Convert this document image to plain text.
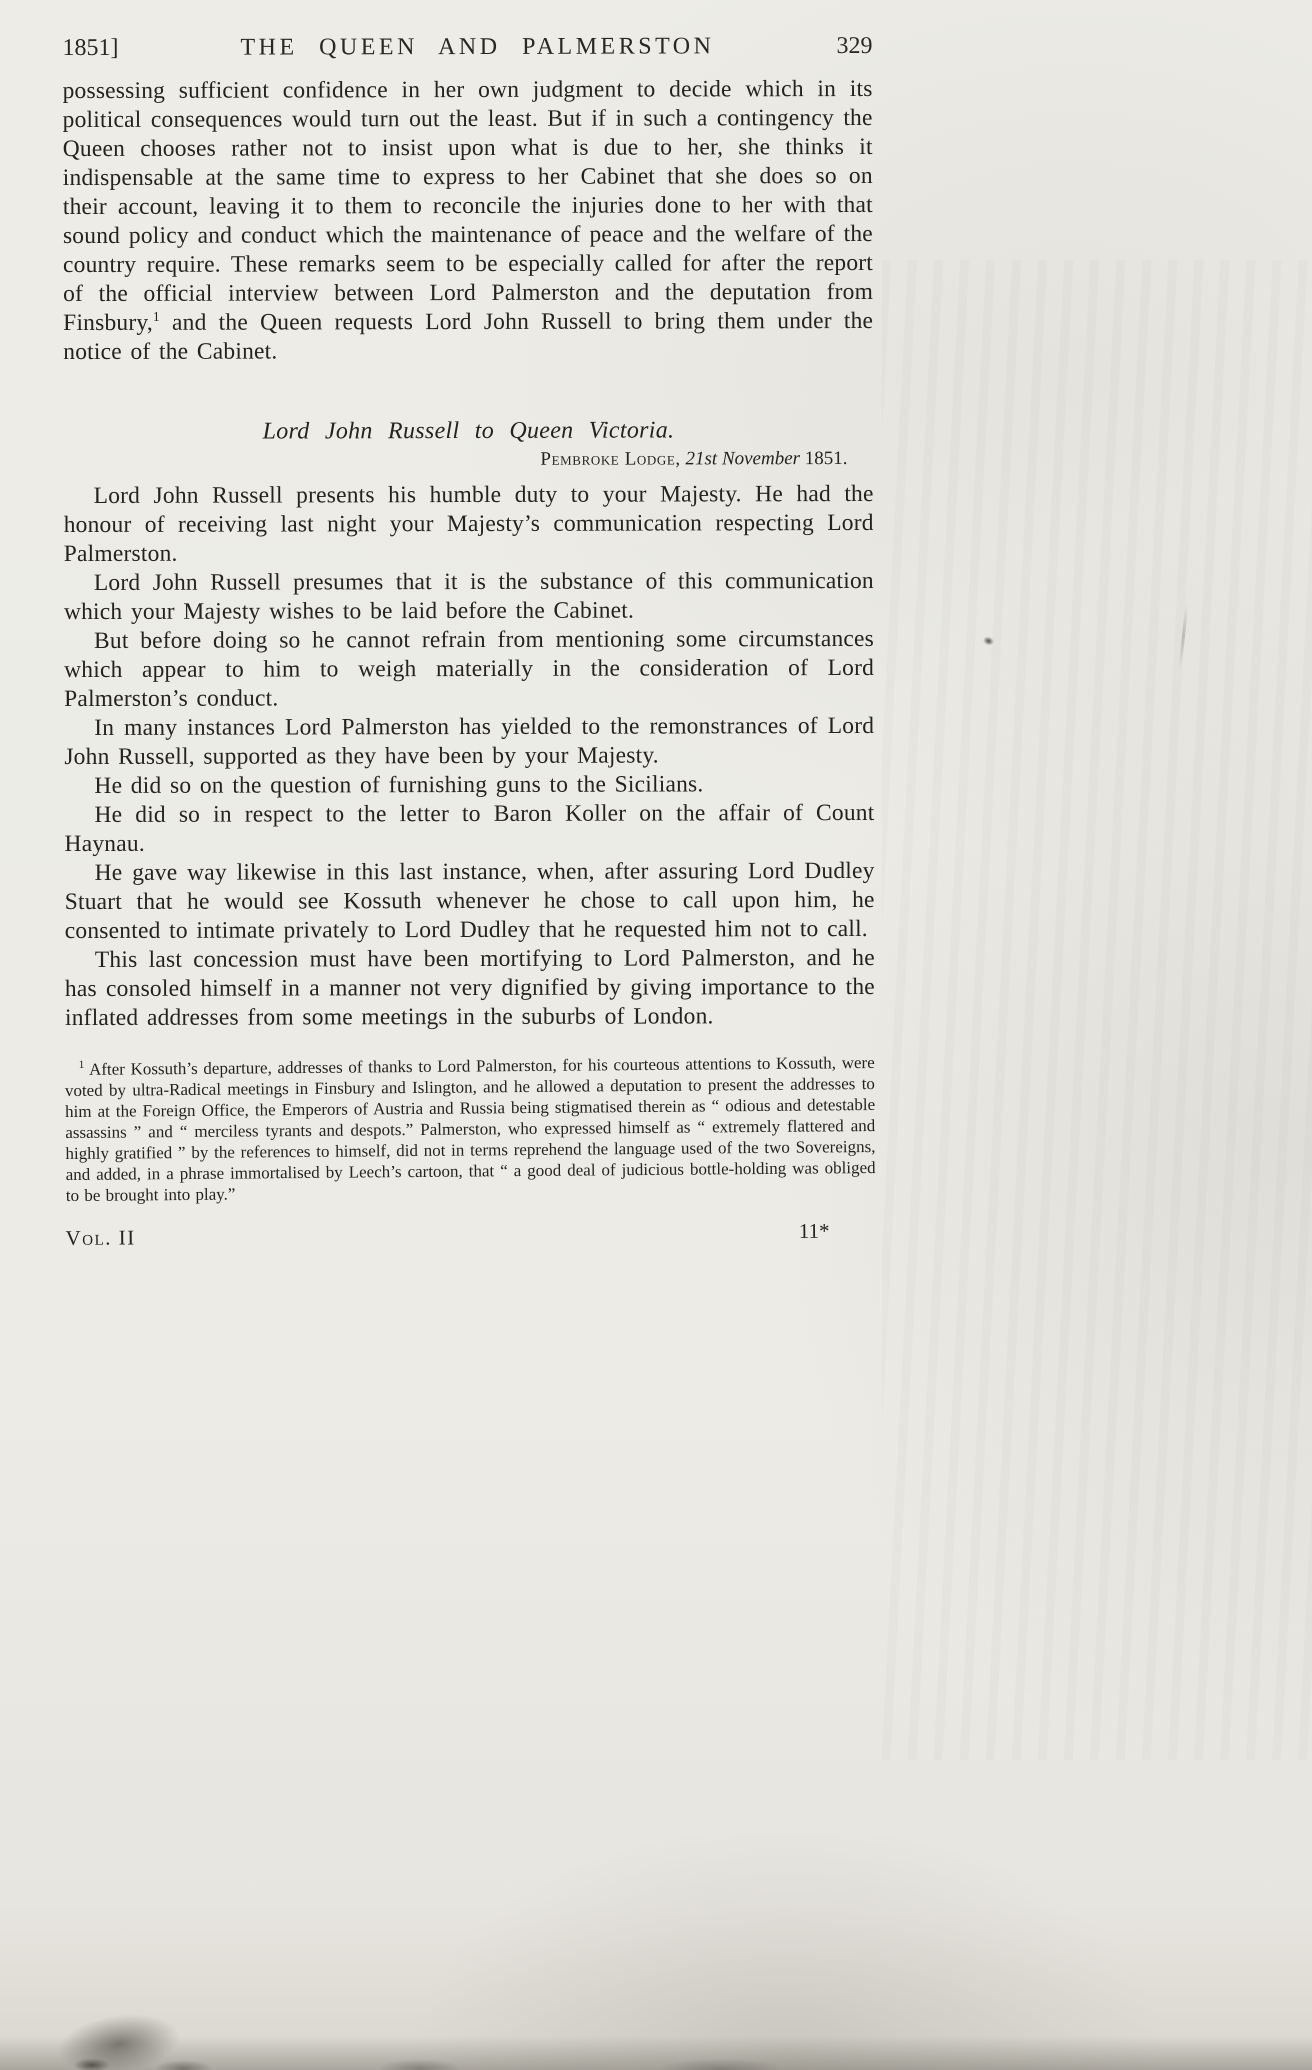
1851]	THE QUEEN AND PALMERSTON	329

possessing sufficient confidence in her own judgment to decide which in its political consequences would turn out the least. But if in such a contingency the Queen chooses rather not to insist upon what is due to her, she thinks it indispensable at the same time to express to her Cabinet that she does so on their account, leaving it to them to reconcile the injuries done to her with that sound policy and conduct which the maintenance of peace and the welfare of the country require. These remarks seem to be especially called for after the report of the official interview between Lord Palmerston and the deputation from Finsbury,$^1$ and the Queen requests Lord John Russell to bring them under the notice of the Cabinet.

Lord John Russell to Queen Victoria.

Pembroke Lodge, 21st November 1851.

Lord John Russell presents his humble duty to your Majesty. He had the honour of receiving last night your Majesty’s communication respecting Lord Palmerston.

Lord John Russell presumes that it is the substance of this communication which your Majesty wishes to be laid before the Cabinet.

But before doing so he cannot refrain from mentioning some circumstances which appear to him to weigh materially in the consideration of Lord Palmerston’s conduct.

In many instances Lord Palmerston has yielded to the remonstrances of Lord John Russell, supported as they have been by your Majesty.

He did so on the question of furnishing guns to the Sicilians.

He did so in respect to the letter to Baron Koller on the affair of Count Haynau.

He gave way likewise in this last instance, when, after assuring Lord Dudley Stuart that he would see Kossuth whenever he chose to call upon him, he consented to intimate privately to Lord Dudley that he requested him not to call.

This last concession must have been mortifying to Lord Palmerston, and he has consoled himself in a manner not very dignified by giving importance to the inflated addresses from some meetings in the suburbs of London.

$^1$ After Kossuth’s departure, addresses of thanks to Lord Palmerston, for his courteous attentions to Kossuth, were voted by ultra-Radical meetings in Finsbury and Islington, and he allowed a deputation to present the addresses to him at the Foreign Office, the Emperors of Austria and Russia being stigmatised therein as “ odious and detestable assassins ” and “ merciless tyrants and despots.” Palmerston, who expressed himself as “ extremely flattered and highly gratified ” by the references to himself, did not in terms reprehend the language used of the two Sovereigns, and added, in a phrase immortalised by Leech’s cartoon, that “ a good deal of judicious bottle-holding was obliged to be brought into play.”

Vol. II	11*
